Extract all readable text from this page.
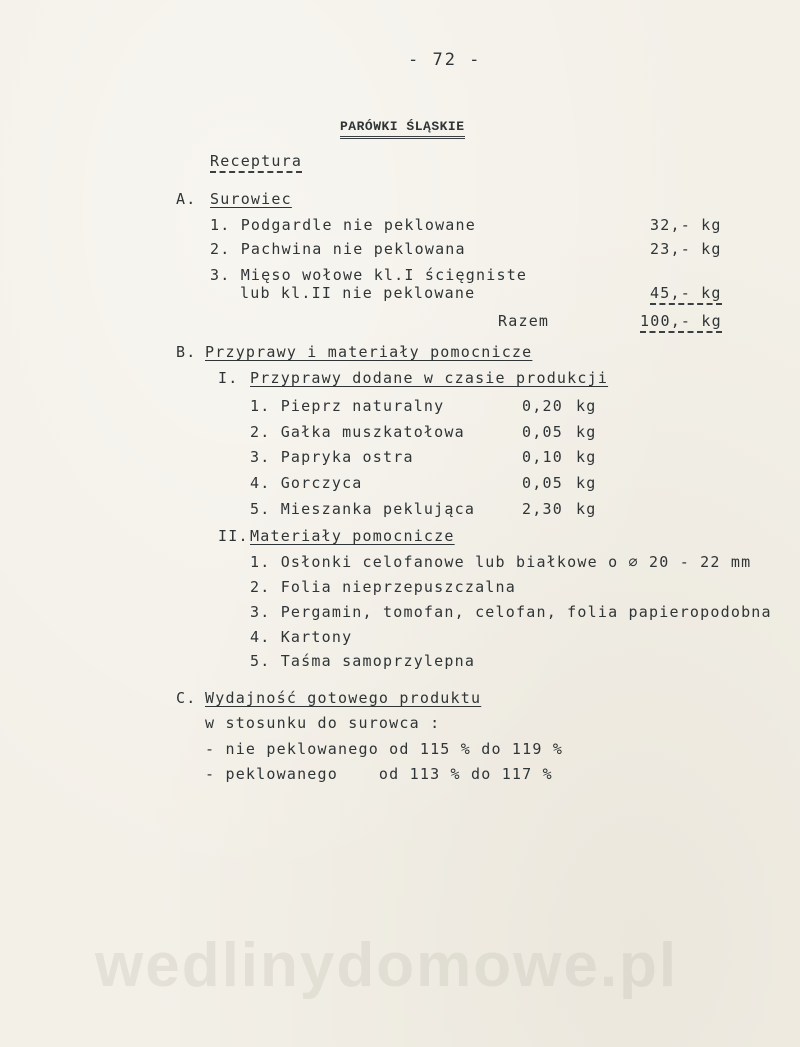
- 72 -
PARÓWKI ŚLĄSKIE
Receptura
A. Surowiec
1. Podgardle nie peklowane	32,- kg
2. Pachwina nie peklowana	23,- kg
3. Mięso wołowe kl.I ścięgniste
lub kl.II nie peklowane	45,- kg
Razem	100,- kg
B. Przyprawy i materiały pomocnicze
I. Przyprawy dodane w czasie produkcji
1. Pieprz naturalny	0,20 kg
2. Gałka muszkatołowa	0,05 kg
3. Papryka ostra	0,10 kg
4. Gorczyca	0,05 kg
5. Mieszanka peklująca	2,30 kg
II. Materiały pomocnicze
1. Osłonki celofanowe lub białkowe o ∅ 20 - 22 mm
2. Folia nieprzepuszczalna
3. Pergamin, tomofan, celofan, folia papieropodobna
4. Kartony
5. Taśma samoprzylepna
C. Wydajność gotowego produktu
w stosunku do surowca :
- nie peklowanego od 115 % do 119 %
- peklowanego    od 113 % do 117 %
wedlinydomowe.pl
